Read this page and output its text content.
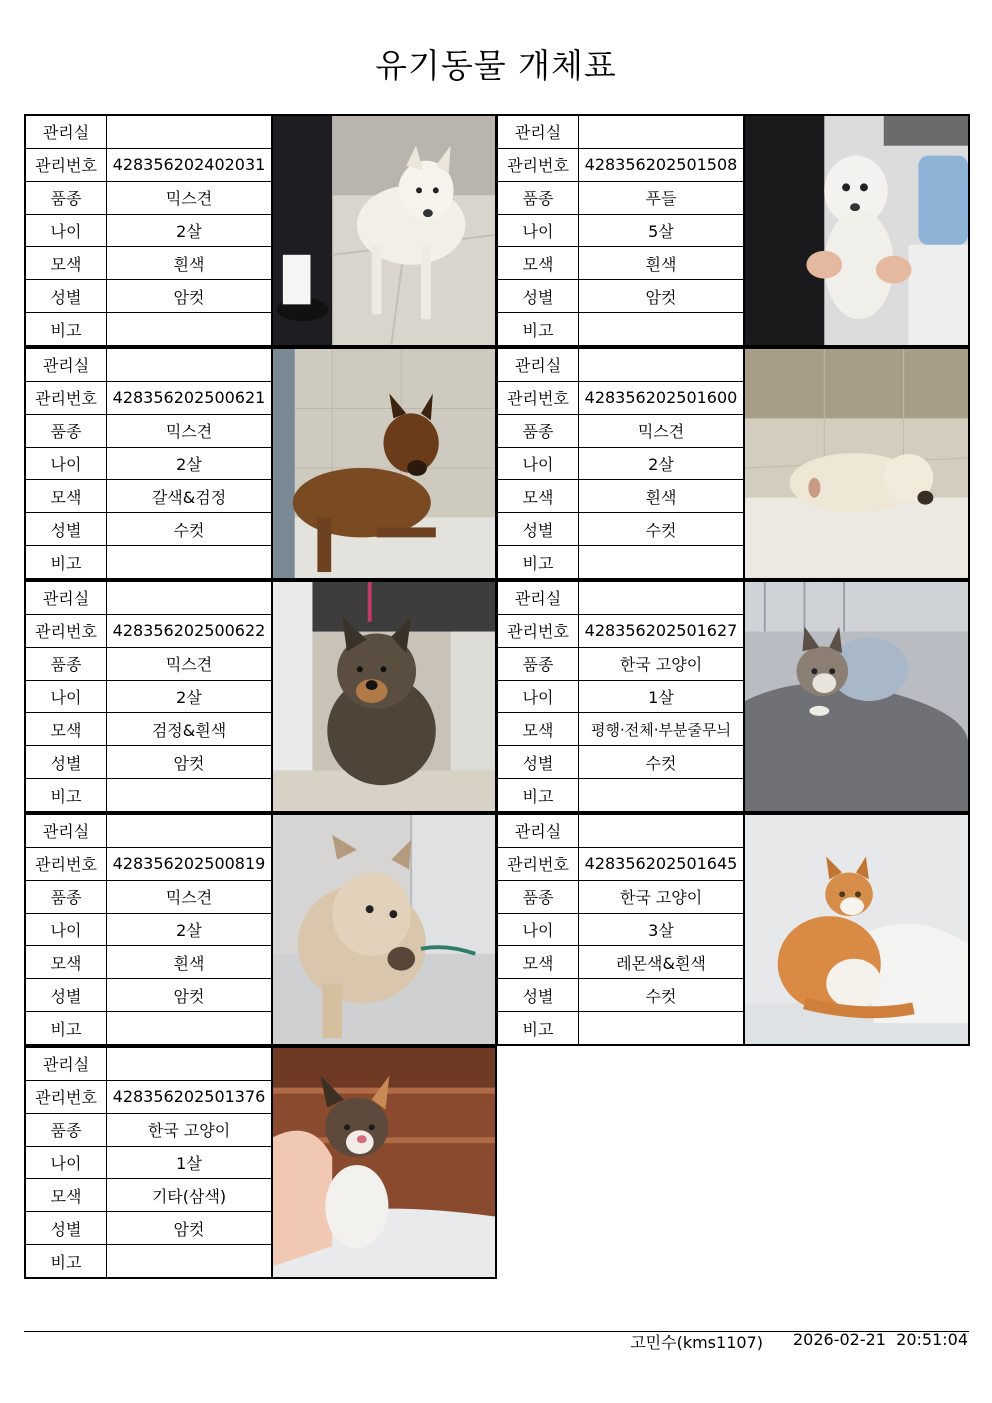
유기동물 개체표
관리실	
관리번호	428356202402031
품종	믹스견
나이	2살
모색	흰색
성별	암컷
비고	
관리실	
관리번호	428356202501508
품종	푸들
나이	5살
모색	흰색
성별	암컷
비고	
관리실	
관리번호	428356202500621
품종	믹스견
나이	2살
모색	갈색&검정
성별	수컷
비고	
관리실	
관리번호	428356202501600
품종	믹스견
나이	2살
모색	흰색
성별	수컷
비고	
관리실	
관리번호	428356202500622
품종	믹스견
나이	2살
모색	검정&흰색
성별	암컷
비고	
관리실	
관리번호	428356202501627
품종	한국 고양이
나이	1살
모색	평행·전체·부분줄무늬
성별	수컷
비고	
관리실	
관리번호	428356202500819
품종	믹스견
나이	2살
모색	흰색
성별	암컷
비고	
관리실	
관리번호	428356202501645
품종	한국 고양이
나이	3살
모색	레몬색&흰색
성별	수컷
비고	
관리실	
관리번호	428356202501376
품종	한국 고양이
나이	1살
모색	기타(삼색)
성별	암컷
비고	
고민수(kms1107) 2026-02-21  20:51:04
